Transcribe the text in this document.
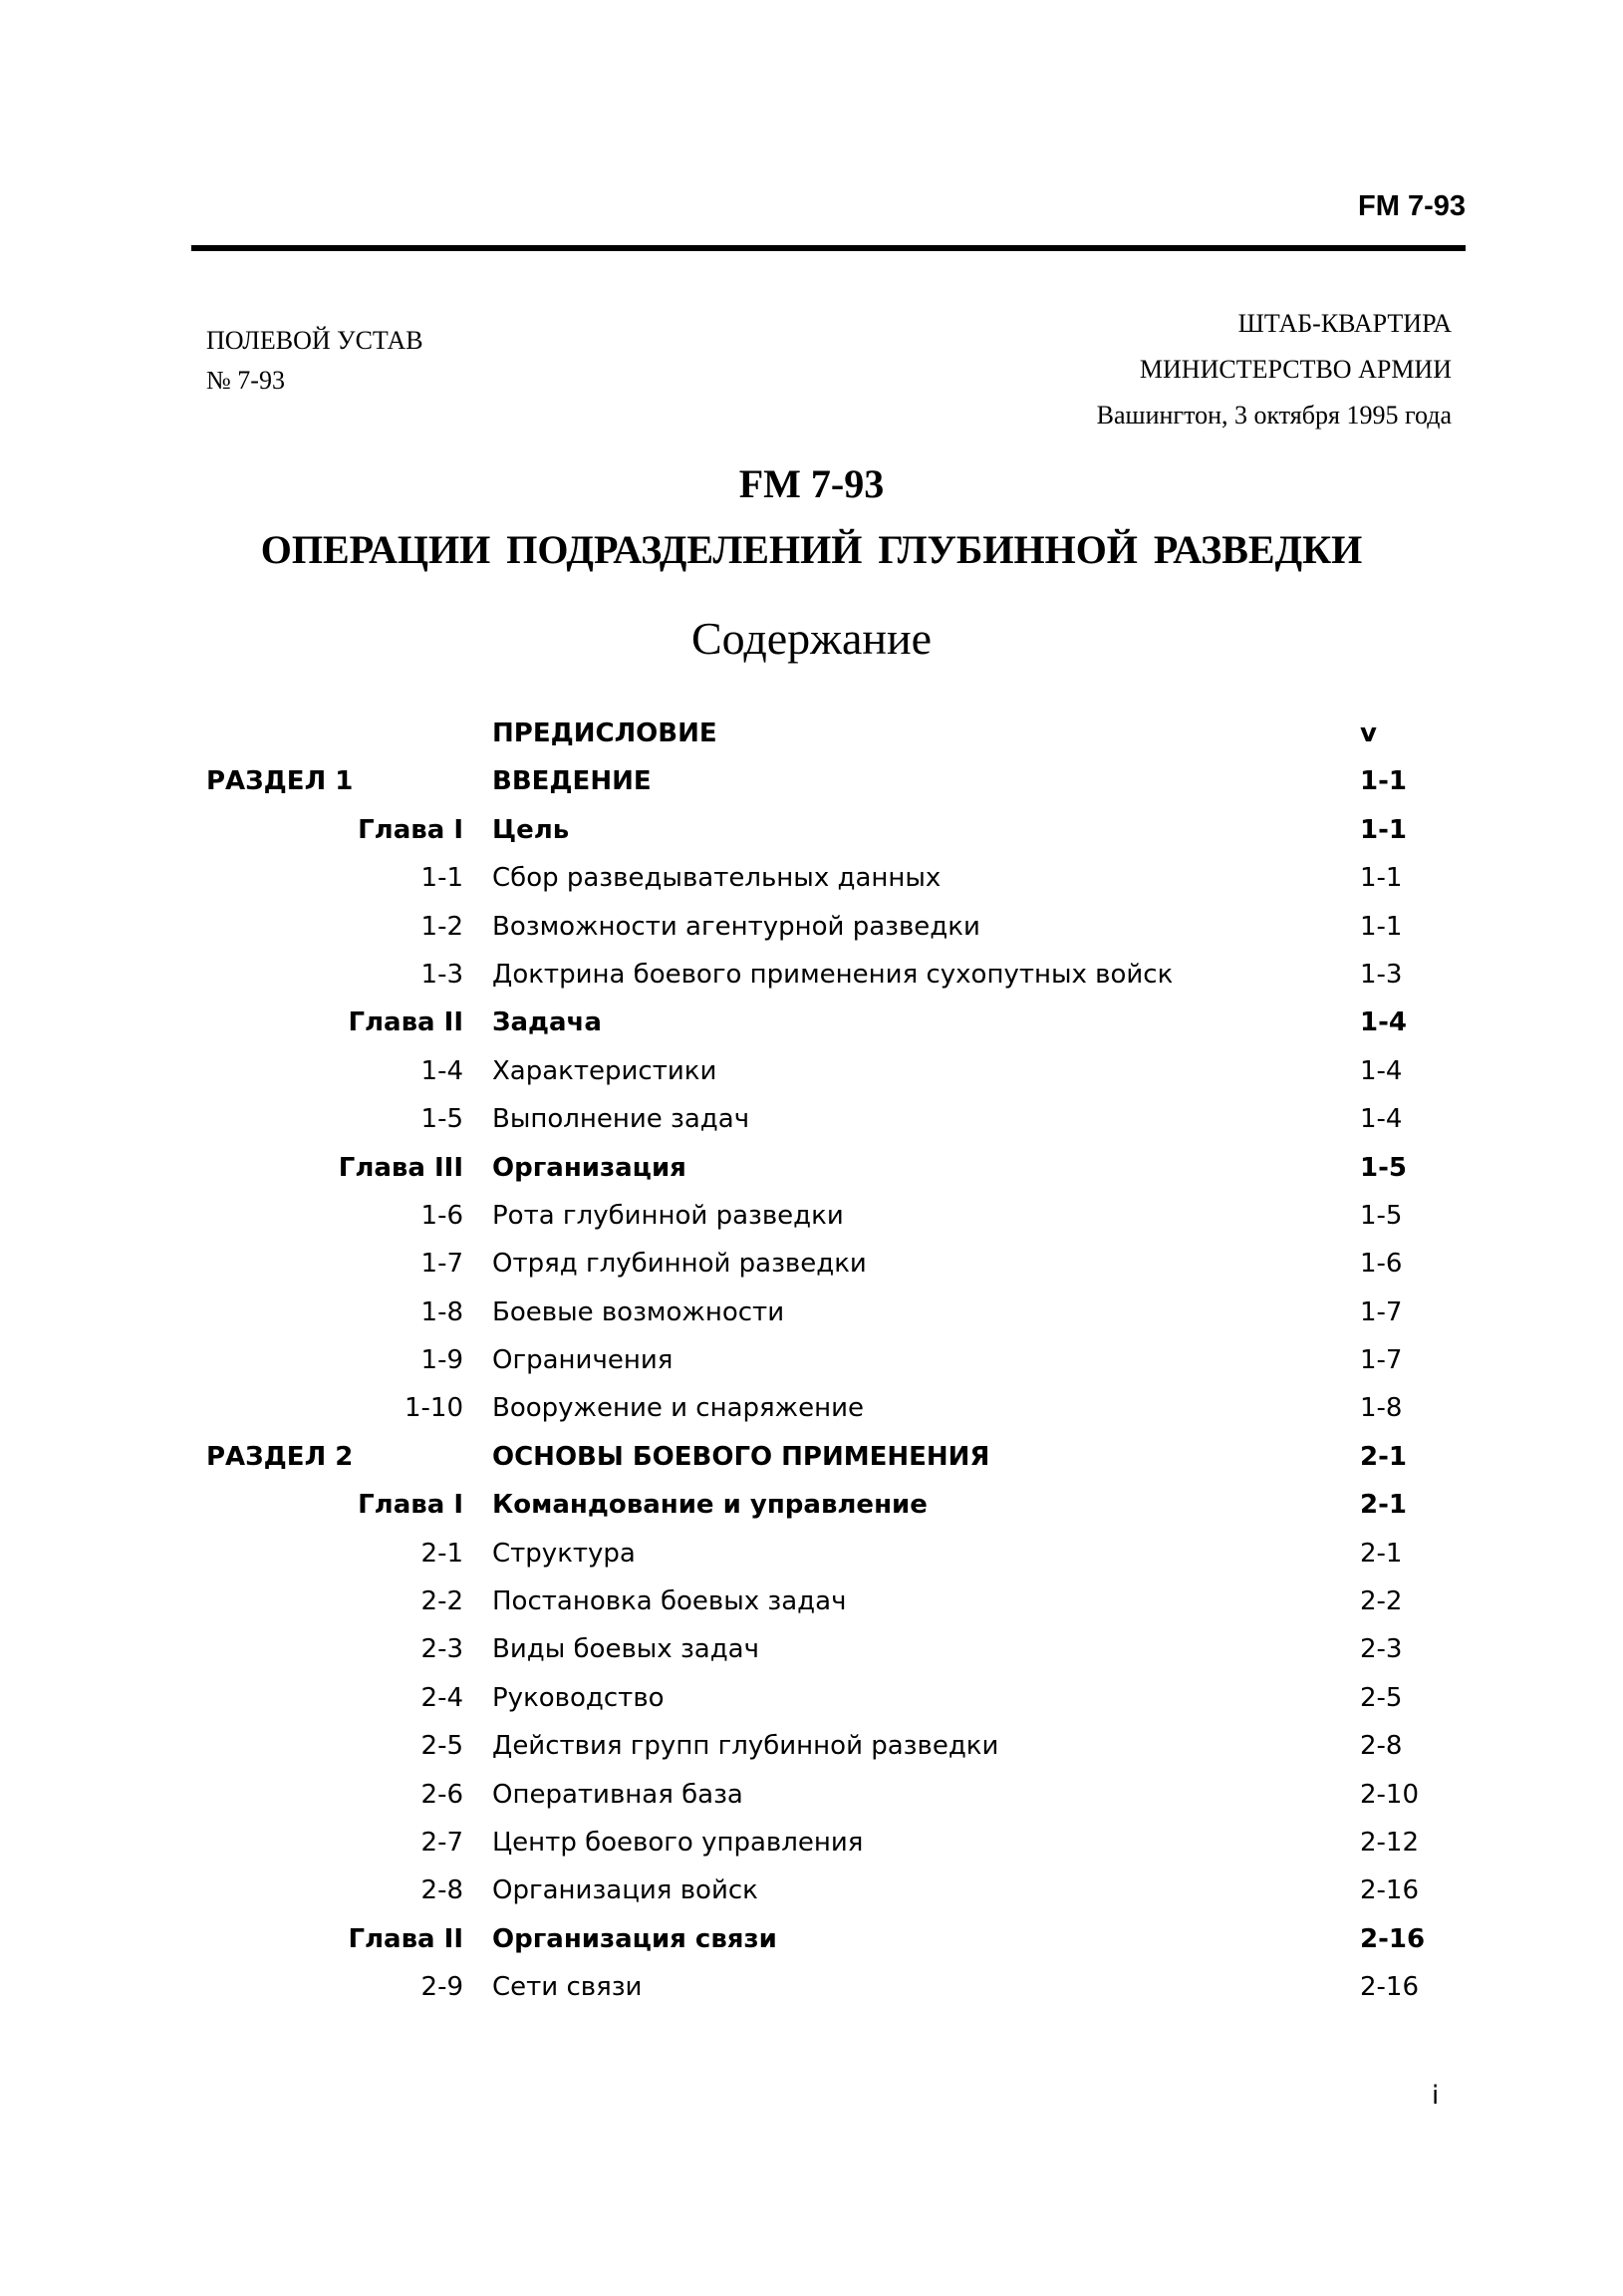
FM 7-93
ПОЛЕВОЙ УСТАВ
№ 7-93
ШТАБ-КВАРТИРА
МИНИСТЕРСТВО АРМИИ
Вашингтон, 3 октября 1995 года
FM 7-93
ОПЕРАЦИИ ПОДРАЗДЕЛЕНИЙ ГЛУБИННОЙ РАЗВЕДКИ
Содержание
ПРЕДИСЛОВИЕ	v
РАЗДЕЛ 1	ВВЕДЕНИЕ	1-1
Глава I Цель	1-1
1-1 Сбор разведывательных данных	1-1
1-2 Возможности агентурной разведки	1-1
1-3 Доктрина боевого применения сухопутных войск	1-3
Глава II Задача	1-4
1-4 Характеристики	1-4
1-5 Выполнение задач	1-4
Глава III Организация	1-5
1-6 Рота глубинной разведки	1-5
1-7 Отряд глубинной разведки	1-6
1-8 Боевые возможности	1-7
1-9 Ограничения	1-7
1-10 Вооружение и снаряжение	1-8
РАЗДЕЛ 2	ОСНОВЫ БОЕВОГО ПРИМЕНЕНИЯ	2-1
Глава I Командование и управление	2-1
2-1 Структура	2-1
2-2 Постановка боевых задач	2-2
2-3 Виды боевых задач	2-3
2-4 Руководство	2-5
2-5 Действия групп глубинной разведки	2-8
2-6 Оперативная база	2-10
2-7 Центр боевого управления	2-12
2-8 Организация войск	2-16
Глава II Организация связи	2-16
2-9 Сети связи	2-16
i
